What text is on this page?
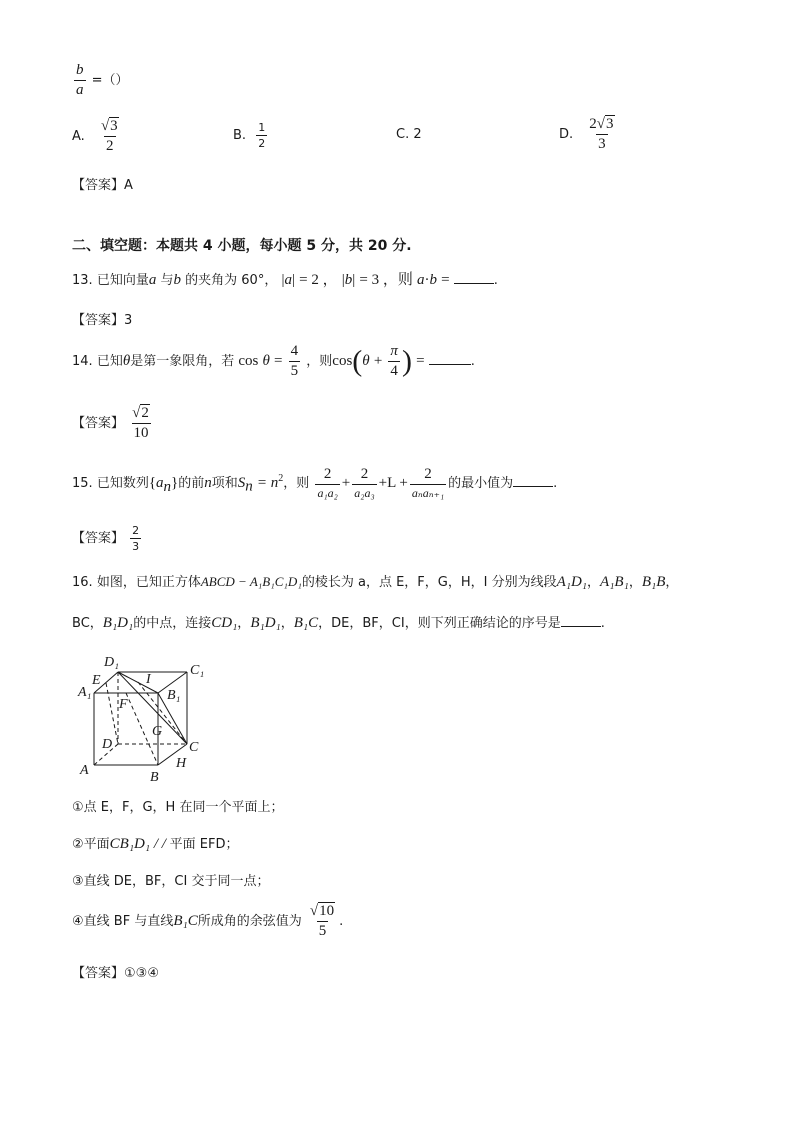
$\frac{b}{a}$ =（）
A. $\frac{√3}{2}$	B. $\frac{1}{2}$	C. 2	D. $\frac{2√3}{3}$
【答案】A
二、填空题：本题共 4 小题，每小题 5 分，共 20 分.
13. 已知向量a 与b 的夹角为 60°， |a| = 2 ， |b| = 3 ，则 a·b =	.
【答案】3
14. 已知θ是第一象限角，若 $\cos \theta = \frac{4}{5}$ ，则$\cos(\theta + \frac{\pi}{4}$ ) =	.
【答案】 $\frac{√2}{10}$
15. 已知数列$\{a_n\}$的前n项和$S_n = n^2$，则 $\frac{2}{\text{a₁a₂}} + \frac{2}{\text{a₂a₃}} +L + \frac{2}{\text{aₙaₙ₊₁}}$ 的最小值为	.
【答案】 $\frac{2}{3}$
16. 如图，已知正方体ABCD − A₁B₁C₁D₁的棱长为 a，点 E，F，G，H，I 分别为线段A₁D₁，A₁B₁，B₁B，
BC，B₁D₁的中点，连接CD₁，B₁D₁，B₁C，DE，BF，CI，则下列正确结论的序号是	.
D₁
C₁
A₁
E	I
B₁
F
G
D	C
A	B
H
①点 E，F，G，H 在同一个平面上；
②平面CB₁D₁ / / 平面 EFD；
③直线 DE，BF，CI 交于同一点；
④直线 BF 与直线B₁C所成角的余弦值为 $\frac{√10}{5}$ .
【答案】①③④
